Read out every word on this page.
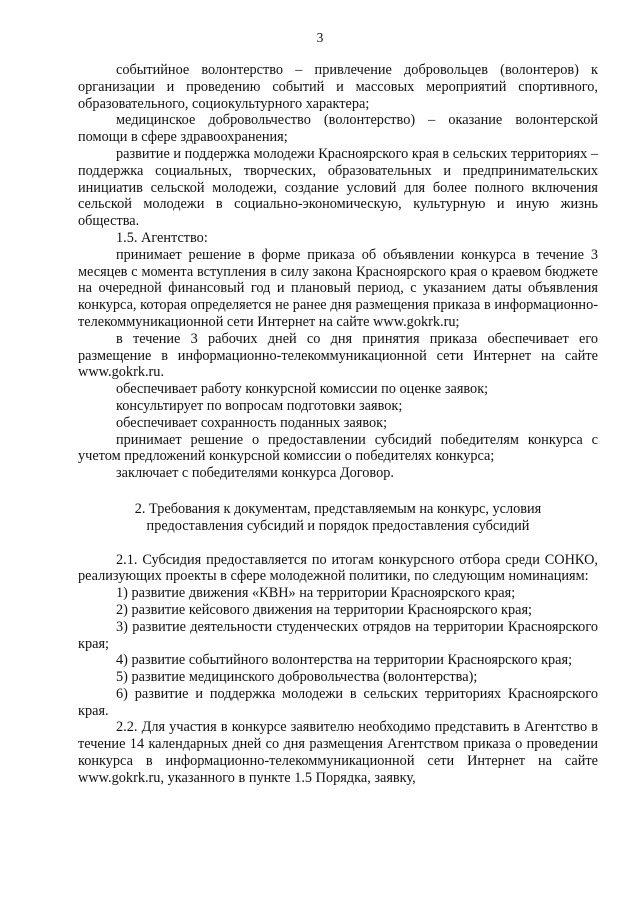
3

событийное волонтерство – привлечение добровольцев (волонтеров) к организации и проведению событий и массовых мероприятий спортивного, образовательного, социокультурного характера;

медицинское добровольчество (волонтерство) – оказание волонтерской помощи в сфере здравоохранения;

развитие и поддержка молодежи Красноярского края в сельских территориях – поддержка социальных, творческих, образовательных и предпринимательских инициатив сельской молодежи, создание условий для более полного включения сельской молодежи в социально-экономическую, культурную и иную жизнь общества.

1.5. Агентство:

принимает решение в форме приказа об объявлении конкурса в течение 3 месяцев с момента вступления в силу закона Красноярского края о краевом бюджете на очередной финансовый год и плановый период, с указанием даты объявления конкурса, которая определяется не ранее дня размещения приказа в информационно-телекоммуникационной сети Интернет на сайте www.gokrk.ru;

в течение 3 рабочих дней со дня принятия приказа обеспечивает его размещение в информационно-телекоммуникационной сети Интернет на сайте www.gokrk.ru.

обеспечивает работу конкурсной комиссии по оценке заявок;

консультирует по вопросам подготовки заявок;

обеспечивает сохранность поданных заявок;

принимает решение о предоставлении субсидий победителям конкурса с учетом предложений конкурсной комиссии о победителях конкурса;

заключает с победителями конкурса Договор.

2. Требования к документам, представляемым на конкурс, условия предоставления субсидий и порядок предоставления субсидий

2.1. Субсидия предоставляется по итогам конкурсного отбора среди СОНКО, реализующих проекты в сфере молодежной политики, по следующим номинациям:

1) развитие движения «КВН» на территории Красноярского края;

2) развитие кейсового движения на территории Красноярского края;

3) развитие деятельности студенческих отрядов на территории Красноярского края;

4) развитие событийного волонтерства на территории Красноярского края;

5) развитие медицинского добровольчества (волонтерства);

6) развитие и поддержка молодежи в сельских территориях Красноярского края.

2.2. Для участия в конкурсе заявителю необходимо представить в Агентство в течение 14 календарных дней со дня размещения Агентством приказа о проведении конкурса в информационно-телекоммуникационной сети Интернет на сайте www.gokrk.ru, указанного в пункте 1.5 Порядка, заявку,
